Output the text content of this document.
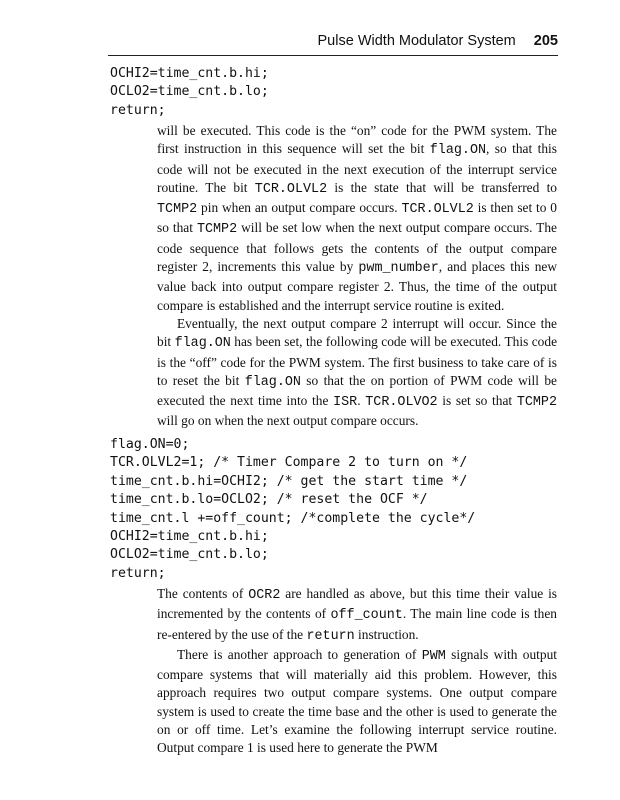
Pulse Width Modulator System 205
OCHI2=time_cnt.b.hi;
OCLO2=time_cnt.b.lo;
return;

will be executed. This code is the “on” code for the PWM system. The first instruction in this sequence will set the bit flag.ON, so that this code will not be executed in the next execution of the interrupt service routine. The bit TCR.OLVL2 is the state that will be transferred to TCMP2 pin when an output compare occurs. TCR.OLVL2 is then set to 0 so that TCMP2 will be set low when the next output compare occurs. The code sequence that follows gets the contents of the output compare register 2, increments this value by pwm_number, and places this new value back into output compare register 2. Thus, the time of the output compare is established and the interrupt service routine is exited.

Eventually, the next output compare 2 interrupt will occur. Since the bit flag.ON has been set, the following code will be executed. This code is the “off” code for the PWM system. The first business to take care of is to reset the bit flag.ON so that the on portion of PWM code will be executed the next time into the ISR. TCR.OLVO2 is set so that TCMP2 will go on when the next output compare occurs.

flag.ON=0;
TCR.OLVL2=1; /* Timer Compare 2 to turn on */
time_cnt.b.hi=OCHI2; /* get the start time */
time_cnt.b.lo=OCLO2; /* reset the OCF */
time_cnt.l +=off_count; /*complete the cycle*/
OCHI2=time_cnt.b.hi;
OCLO2=time_cnt.b.lo;
return;

The contents of OCR2 are handled as above, but this time their value is incremented by the contents of off_count. The main line code is then re-entered by the use of the return instruction.

There is another approach to generation of PWM signals with output compare systems that will materially aid this problem. However, this approach requires two output compare systems. One output compare system is used to create the time base and the other is used to generate the on or off time. Let’s examine the following interrupt service routine. Output compare 1 is used here to generate the PWM
